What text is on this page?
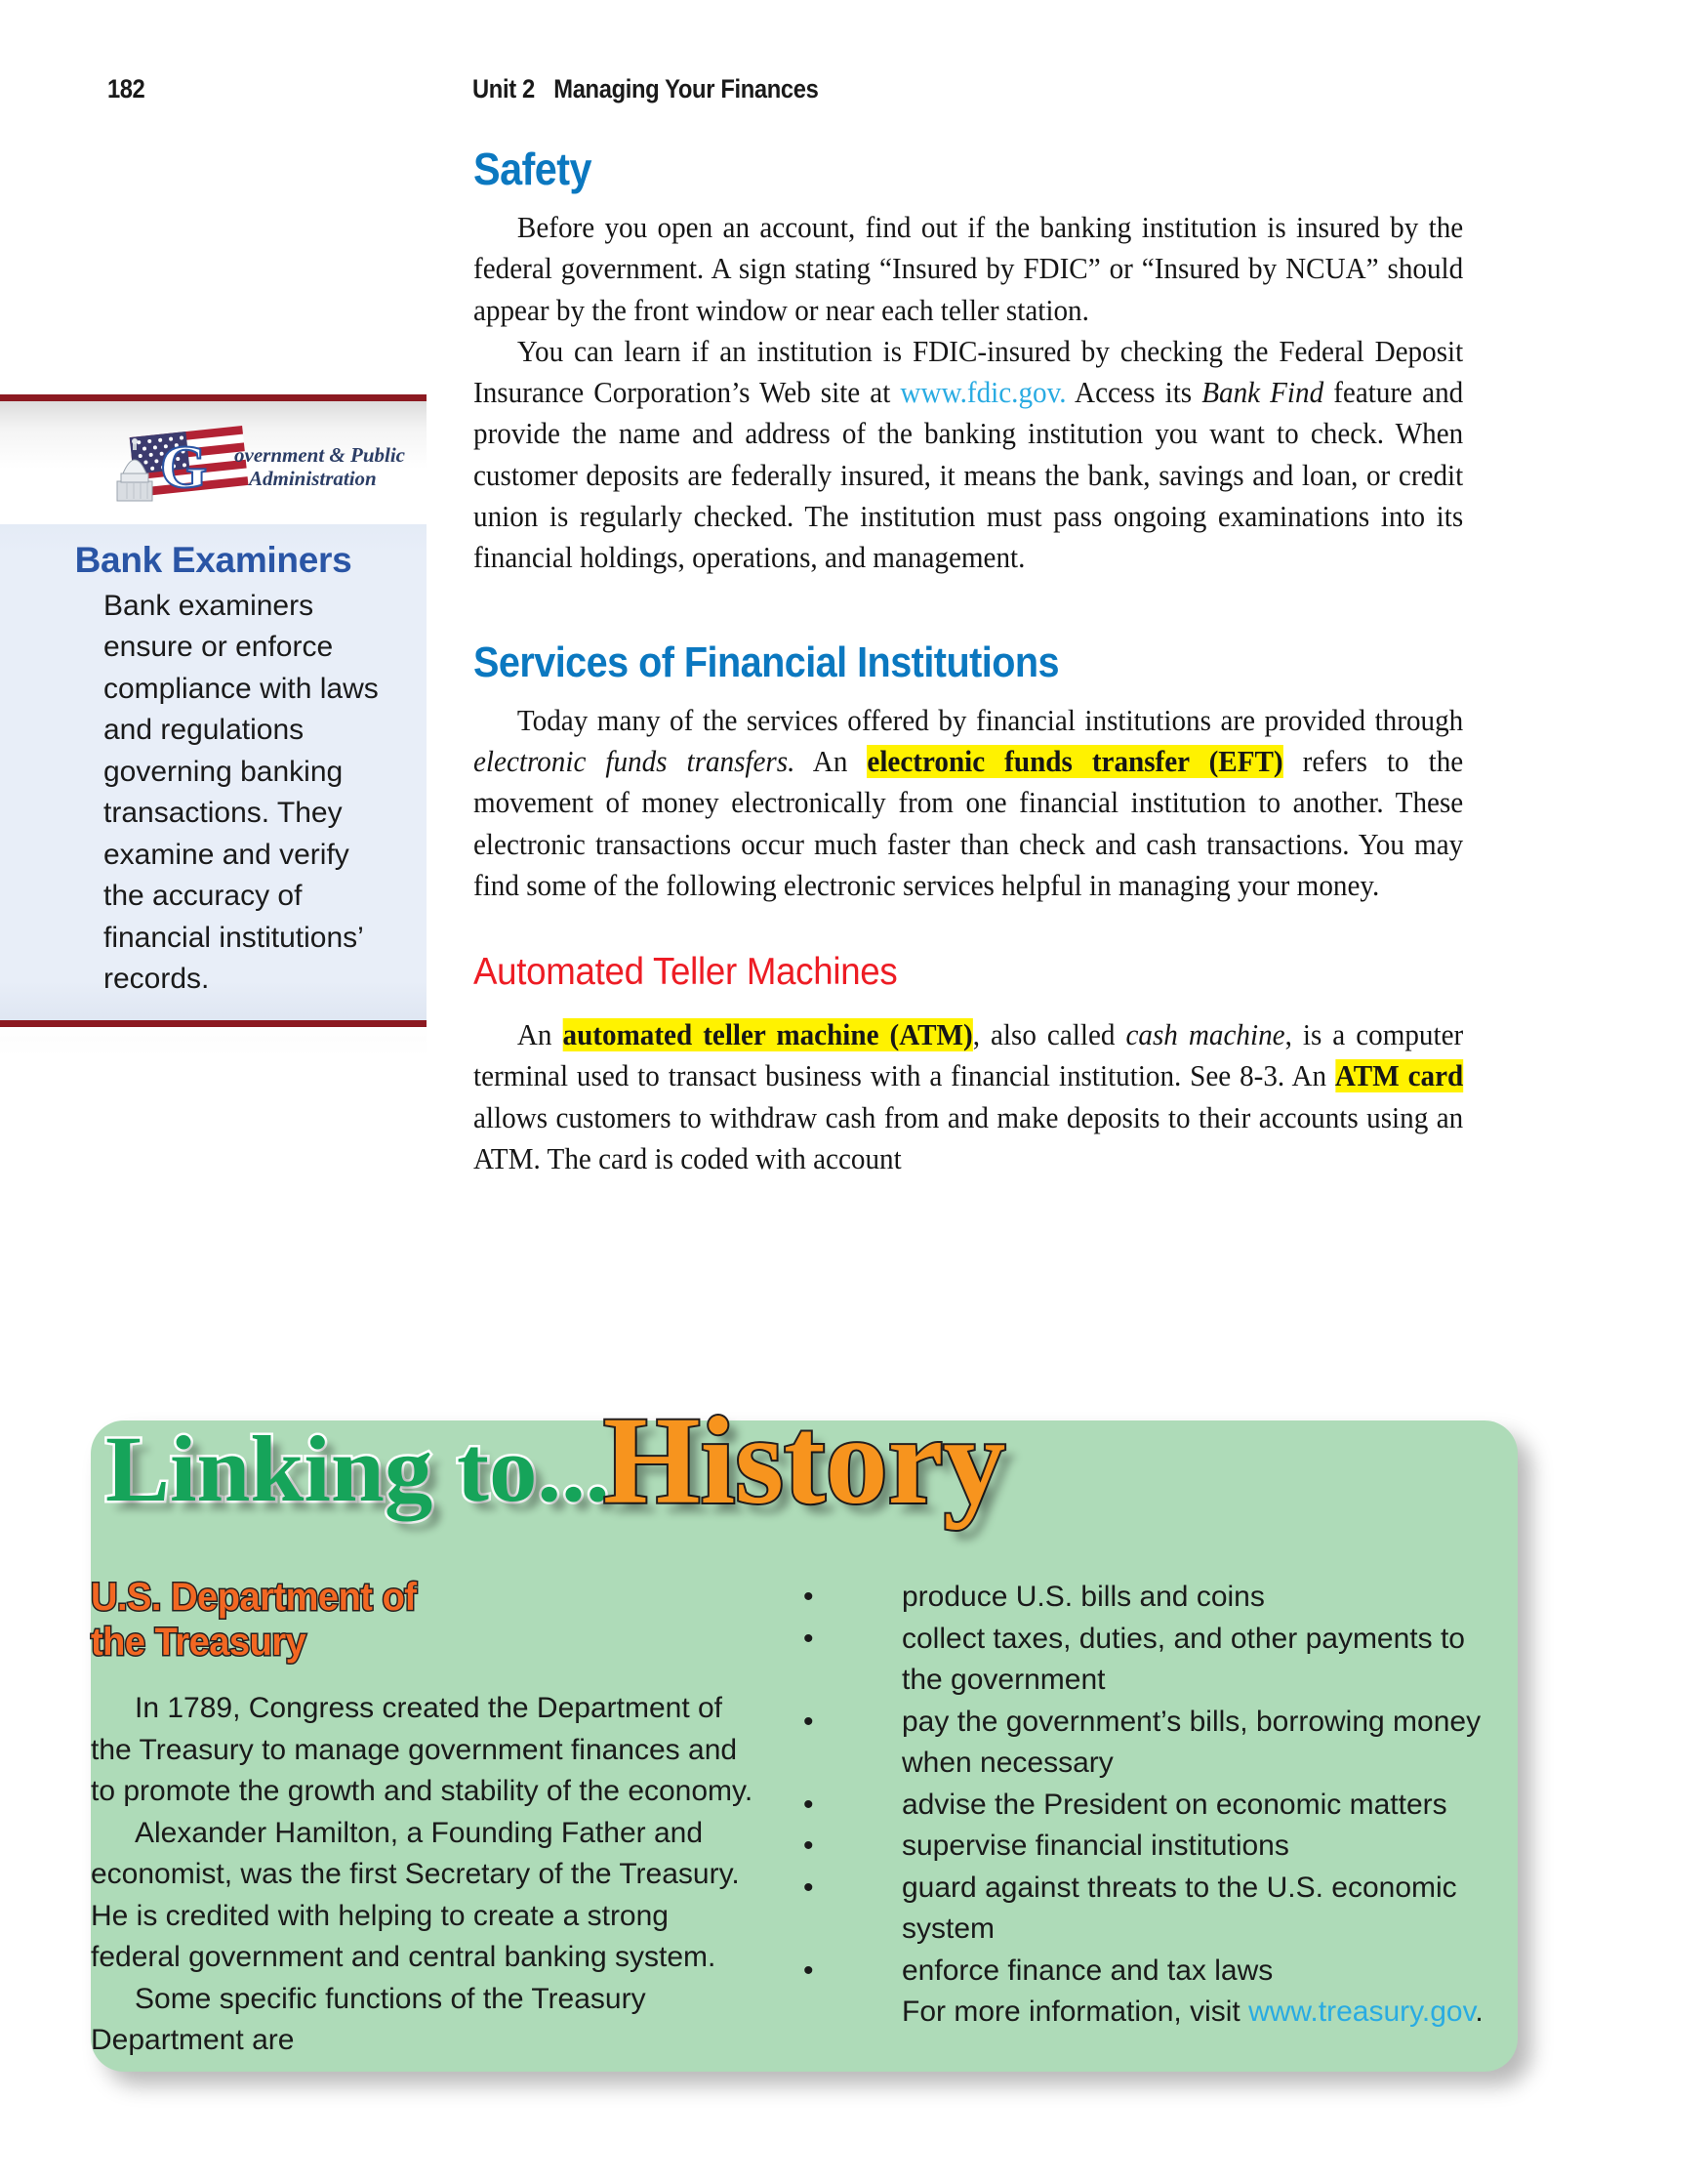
182	Unit 2 Managing Your Finances
G overnment & Public
Administration
Bank Examiners

Bank examiners ensure or enforce compliance with laws and regulations governing banking transactions. They examine and verify the accuracy of financial institutions’ records.

Safety

Before you open an account, find out if the banking institution is insured by the federal government. A sign stating “Insured by FDIC” or “Insured by NCUA” should appear by the front window or near each teller station.

You can learn if an institution is FDIC-insured by checking the Federal Deposit Insurance Corporation’s Web site at www.fdic.gov. Access its Bank Find feature and provide the name and address of the banking institution you want to check. When customer deposits are federally insured, it means the bank, savings and loan, or credit union is regularly checked. The institution must pass ongoing examinations into its financial holdings, operations, and management.

Services of Financial Institutions

Today many of the services offered by financial institutions are provided through electronic funds transfers. An electronic funds transfer (EFT) refers to the movement of money electronically from one financial institution to another. These electronic transactions occur much faster than check and cash transactions. You may find some of the following electronic services helpful in managing your money.

Automated Teller Machines

An automated teller machine (ATM), also called cash machine, is a computer terminal used to transact business with a financial institution. See 8-3. An ATM card allows customers to withdraw cash from and make deposits to their accounts using an ATM. The card is coded with account

Linking to...
History
U.S. Department of
the Treasury

In 1789, Congress created the Department of the Treasury to manage government finances and to promote the growth and stability of the economy.

Alexander Hamilton, a Founding Father and economist, was the first Secretary of the Treasury. He is credited with helping to create a strong federal government and central banking system.

Some specific functions of the Treasury Department are

•	produce U.S. bills and coins
•	collect taxes, duties, and other payments to the government
•	pay the government’s bills, borrowing money when necessary
•	advise the President on economic matters
•	supervise financial institutions
•	guard against threats to the U.S. economic system
•	enforce finance and tax laws

For more information, visit www.treasury.gov.
